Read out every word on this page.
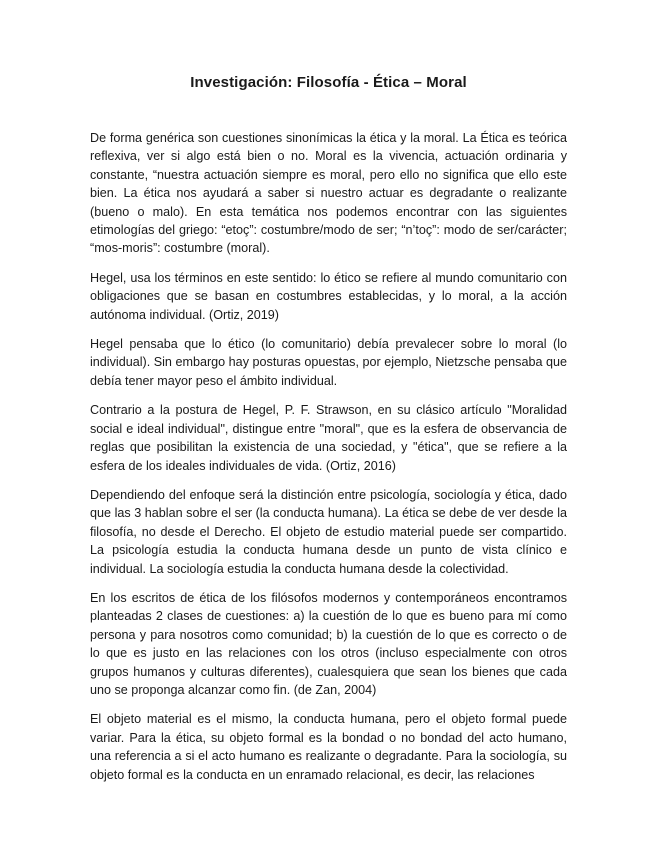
Investigación: Filosofía - Ética – Moral

De forma genérica son cuestiones sinonímicas la ética y la moral. La Ética es teórica reflexiva, ver si algo está bien o no. Moral es la vivencia, actuación ordinaria y constante, “nuestra actuación siempre es moral, pero ello no significa que ello este bien. La ética nos ayudará a saber si nuestro actuar es degradante o realizante (bueno o malo). En esta temática nos podemos encontrar con las siguientes etimologías del griego: “etoç”: costumbre/modo de ser; “n’toç”: modo de ser/carácter; “mos-moris”: costumbre (moral).

Hegel, usa los términos en este sentido: lo ético se refiere al mundo comunitario con obligaciones que se basan en costumbres establecidas, y lo moral, a la acción autónoma individual. (Ortiz, 2019)

Hegel pensaba que lo ético (lo comunitario) debía prevalecer sobre lo moral (lo individual). Sin embargo hay posturas opuestas, por ejemplo, Nietzsche pensaba que debía tener mayor peso el ámbito individual.

Contrario a la postura de Hegel, P. F. Strawson, en su clásico artículo "Moralidad social e ideal individual", distingue entre "moral", que es la esfera de observancia de reglas que posibilitan la existencia de una sociedad, y "ética", que se refiere a la esfera de los ideales individuales de vida. (Ortiz, 2016)

Dependiendo del enfoque será la distinción entre psicología, sociología y ética, dado que las 3 hablan sobre el ser (la conducta humana). La ética se debe de ver desde la filosofía, no desde el Derecho. El objeto de estudio material puede ser compartido. La psicología estudia la conducta humana desde un punto de vista clínico e individual. La sociología estudia la conducta humana desde la colectividad.

En los escritos de ética de los filósofos modernos y contemporáneos encontramos planteadas 2 clases de cuestiones: a) la cuestión de lo que es bueno para mí como persona y para nosotros como comunidad; b) la cuestión de lo que es correcto o de lo que es justo en las relaciones con los otros (incluso especialmente con otros grupos humanos y culturas diferentes), cualesquiera que sean los bienes que cada uno se proponga alcanzar como fin. (de Zan, 2004)

El objeto material es el mismo, la conducta humana, pero el objeto formal puede variar. Para la ética, su objeto formal es la bondad o no bondad del acto humano, una referencia a si el acto humano es realizante o degradante. Para la sociología, su objeto formal es la conducta en un enramado relacional, es decir, las relaciones
